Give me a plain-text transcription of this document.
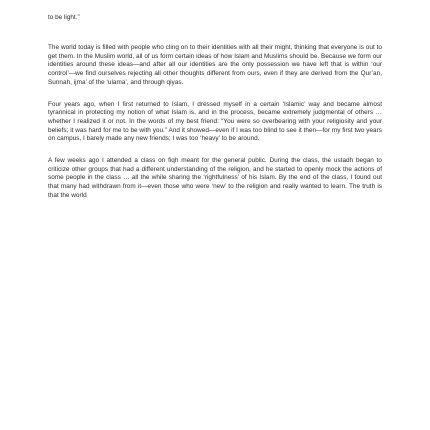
to be light.”

The world today is filled with people who cling on to their identities with all their might, thinking that everyone is out to get them. In the Muslim world, all of us form certain ideas of how Islam and Muslims should be. Because we form our identities around these ideas—and after all our identities are the only possession we have left that is within ‘our control’—we find ourselves rejecting all other thoughts different from ours, even if they are derived from the Qur’an, Sunnah, ijma’ of the ‘ulama’, and through qiyas.

Four years ago, when I first returned to Islam, I dressed myself in a certain ‘Islamic’ way and became almost tyrannical in protecting my notion of what Islam is, and in the process, became extremely judgmental of others … whether I realized it or not. In the words of my best friend: “You were so overbearing with your religiosity and your beliefs; it was hard for me to be with you.” And it showed—even if I was too blind to see it then—for my first two years on campus, I barely made any new friends; I was too ‘heavy’ to be around.

A few weeks ago I attended a class on fiqh meant for the general public. During the class, the ustadh began to criticize other groups that had a different understanding of the religion, and he started to openly mock the actions of some people in the class … all the while sharing the ‘rightfulness’ of his Islam. By the end of the class, I found out that many had withdrawn from it—even those who were ‘new’ to the religion and really wanted to learn. The truth is that the world
